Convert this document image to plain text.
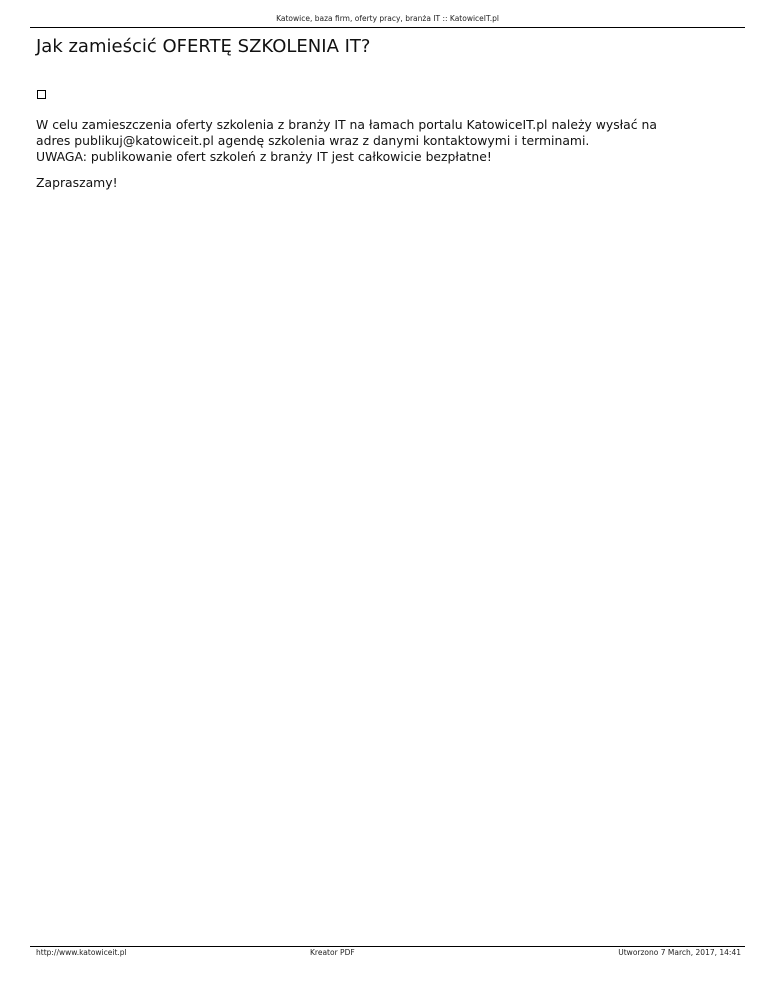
Katowice, baza firm, oferty pracy, branża IT :: KatowiceIT.pl
Jak zamieścić OFERTĘ SZKOLENIA IT?

W celu zamieszczenia oferty szkolenia z branży IT na łamach portalu KatowiceIT.pl należy wysłać na

adres publikuj@katowiceit.pl agendę szkolenia wraz z danymi kontaktowymi i terminami.

UWAGA: publikowanie ofert szkoleń z branży IT jest całkowicie bezpłatne!

Zapraszamy!

http://www.katowiceit.pl	Kreator PDF	Utworzono 7 March, 2017, 14:41
